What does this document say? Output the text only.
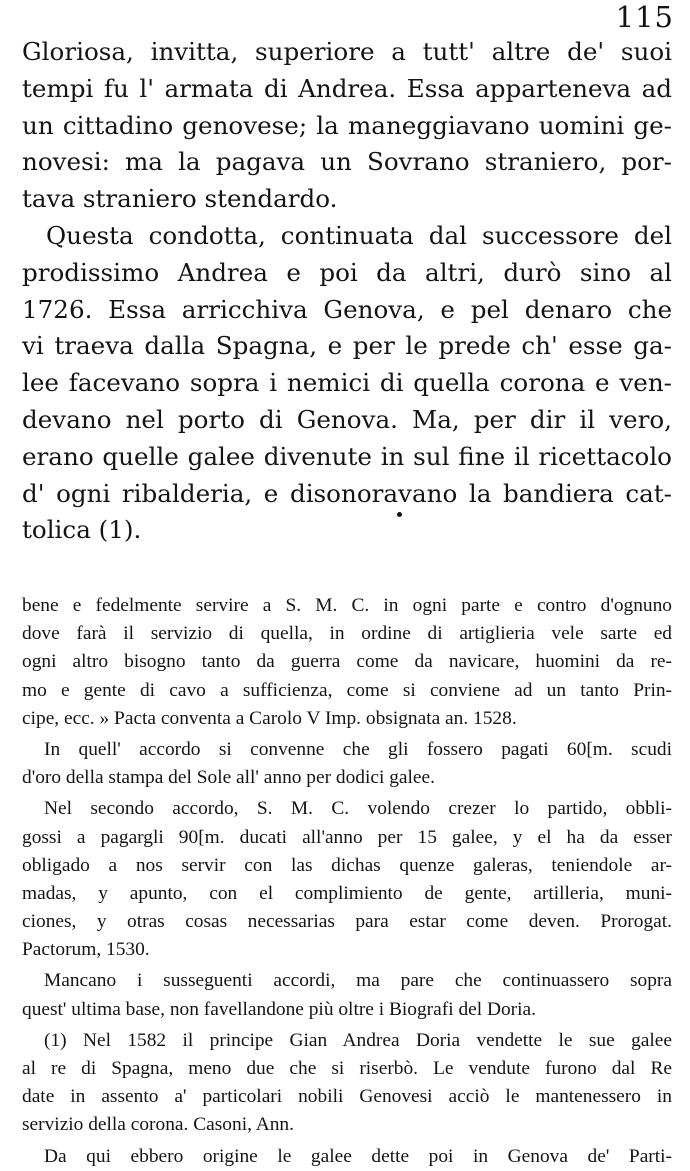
115
Gloriosa, invitta, superiore a tutt' altre de' suoi
tempi fu l' armata di Andrea. Essa apparteneva ad
un cittadino genovese; la maneggiavano uomini ge-
novesi: ma la pagava un Sovrano straniero, por-
tava straniero stendardo.
Questa condotta, continuata dal successore del
prodissimo Andrea e poi da altri, durò sino al
1726. Essa arricchiva Genova, e pel denaro che
vi traeva dalla Spagna, e per le prede ch' esse ga-
lee facevano sopra i nemici di quella corona e ven-
devano nel porto di Genova. Ma, per dir il vero,
erano quelle galee divenute in sul fine il ricettacolo
d' ogni ribalderia, e disonoravano la bandiera cat-
tolica (1).
bene e fedelmente servire a S. M. C. in ogni parte e contro d'ognuno
dove farà il servizio di quella, in ordine di artiglieria vele sarte ed
ogni altro bisogno tanto da guerra come da navicare, huomini da re-
mo e gente di cavo a sufficienza, come si conviene ad un tanto Prin-
cipe, ecc. » Pacta conventa a Carolo V Imp. obsignata an. 1528.
In quell' accordo si convenne che gli fossero pagati 60[m. scudi
d'oro della stampa del Sole all' anno per dodici galee.
Nel secondo accordo, S. M. C. volendo crezer lo partido, obbli-
gossi a pagargli 90[m. ducati all'anno per 15 galee, y el ha da esser
obligado a nos servir con las dichas quenze galeras, teniendole ar-
madas, y apunto, con el complimiento de gente, artilleria, muni-
ciones, y otras cosas necessarias para estar come deven. Prorogat.
Pactorum, 1530.
Mancano i susseguenti accordi, ma pare che continuassero sopra
quest' ultima base, non favellandone più oltre i Biografi del Doria.
(1) Nel 1582 il principe Gian Andrea Doria vendette le sue galee
al re di Spagna, meno due che si riserbò. Le vendute furono dal Re
date in assento a' particolari nobili Genovesi acciò le mantenessero in
servizio della corona. Casoni, Ann.
Da qui ebbero origine le galee dette poi in Genova de' Parti-
